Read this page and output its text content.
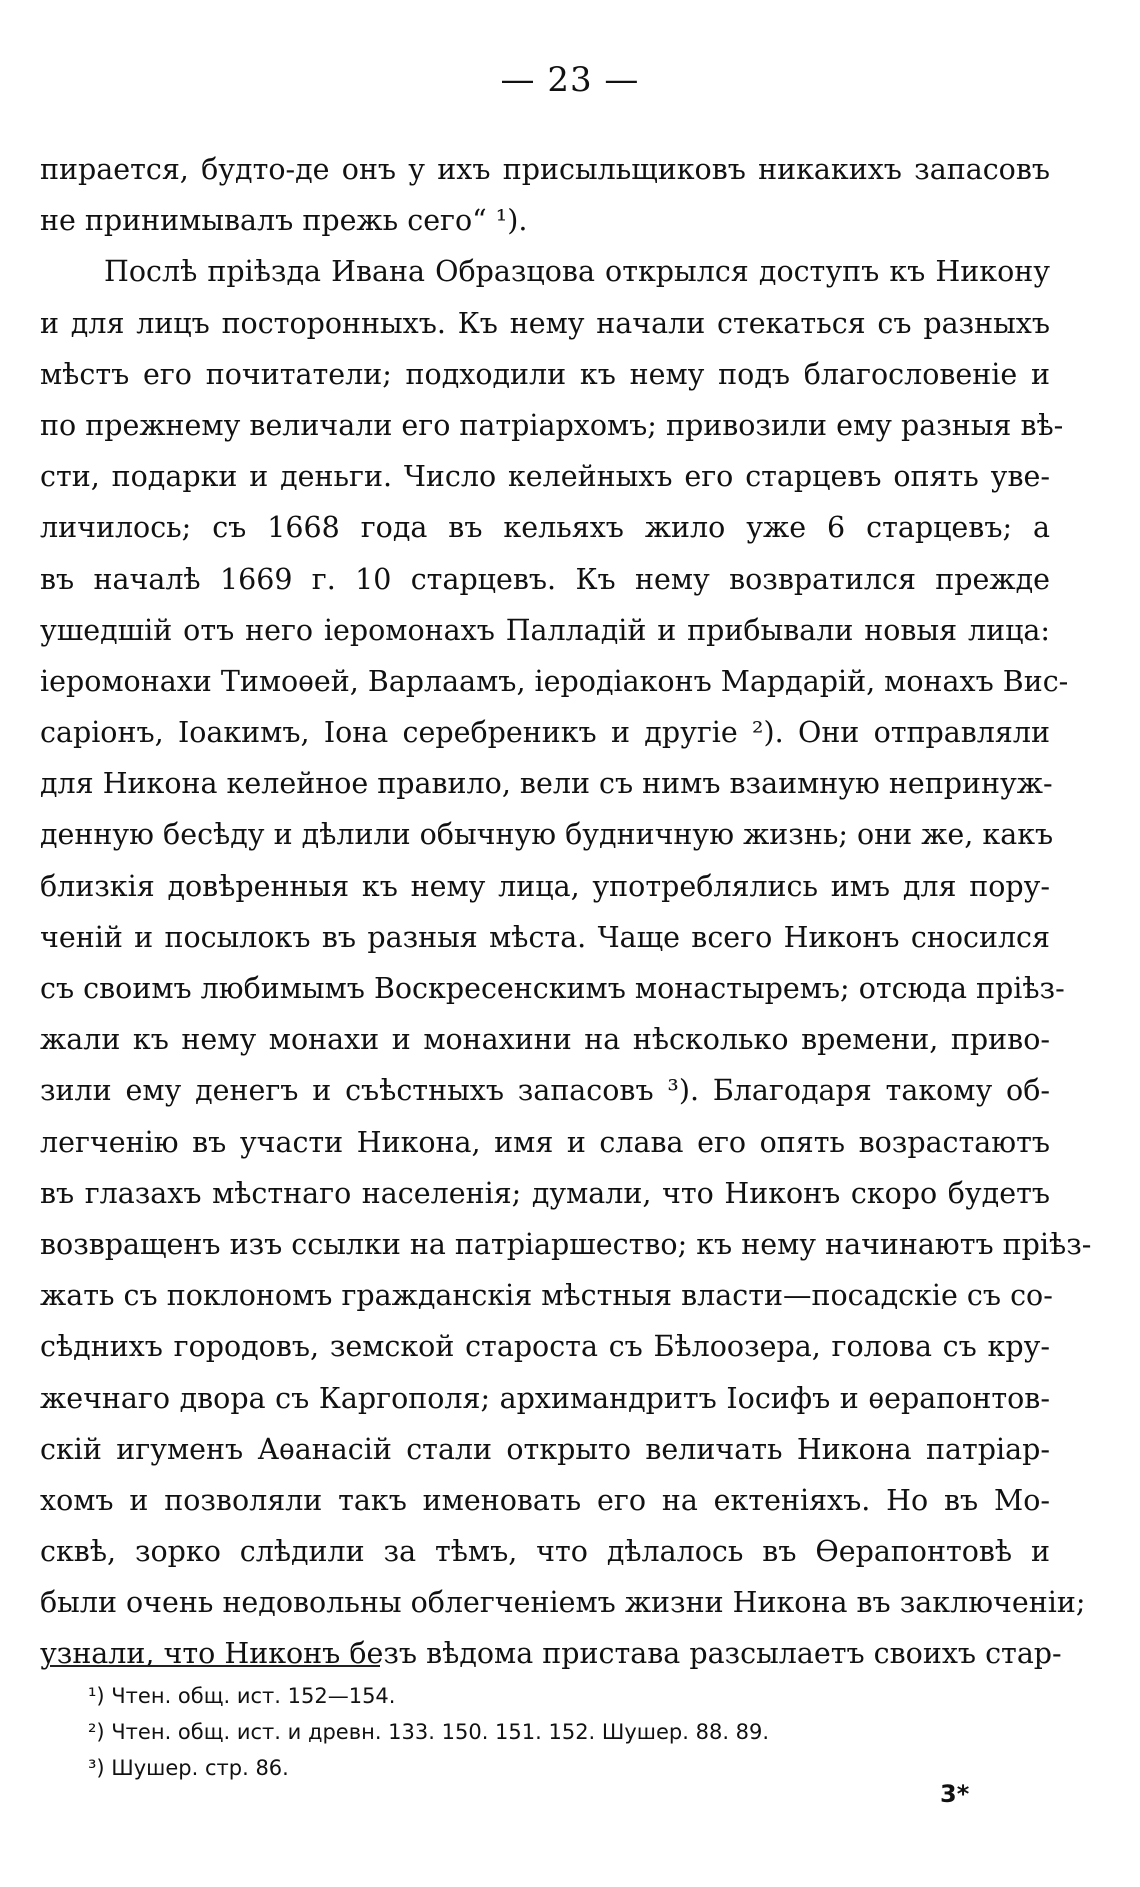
— 23 —
пирается, будто-де онъ у ихъ присыльщиковъ никакихъ запасовъ
не принимывалъ прежь сего“ ¹).
Послѣ пріѣзда Ивана Образцова открылся доступъ къ Никону
и для лицъ посторонныхъ. Къ нему начали стекаться съ разныхъ
мѣстъ его почитатели; подходили къ нему подъ благословеніе и
по прежнему величали его патріархомъ; привозили ему разныя вѣ-
сти, подарки и деньги. Число келейныхъ его старцевъ опять уве-
личилось; съ 1668 года въ кельяхъ жило уже 6 старцевъ; а
въ началѣ 1669 г. 10 старцевъ. Къ нему возвратился прежде
ушедшій отъ него іеромонахъ Палладій и прибывали новыя лица:
іеромонахи Тимоѳей, Варлаамъ, іеродіаконъ Мардарій, монахъ Вис-
саріонъ, Іоакимъ, Іона серебреникъ и другіе ²). Они отправляли
для Никона келейное правило, вели съ нимъ взаимную непринуж-
денную бесѣду и дѣлили обычную будничную жизнь; они же, какъ
близкія довѣренныя къ нему лица, употреблялись имъ для пору-
ченій и посылокъ въ разныя мѣста. Чаще всего Никонъ сносился
съ своимъ любимымъ Воскресенскимъ монастыремъ; отсюда пріѣз-
жали къ нему монахи и монахини на нѣсколько времени, приво-
зили ему денегъ и съѣстныхъ запасовъ ³). Благодаря такому об-
легченію въ участи Никона, имя и слава его опять возрастаютъ
въ глазахъ мѣстнаго населенія; думали, что Никонъ скоро будетъ
возвращенъ изъ ссылки на патріаршество; къ нему начинаютъ пріѣз-
жать съ поклономъ гражданскія мѣстныя власти—посадскіе съ со-
сѣднихъ городовъ, земской староста съ Бѣлоозера, голова съ кру-
жечнаго двора съ Каргополя; архимандритъ Іосифъ и ѳерапонтов-
скій игуменъ Аѳанасій стали открыто величать Никона патріар-
хомъ и позволяли такъ именовать его на ектеніяхъ. Но въ Мо-
сквѣ, зорко слѣдили за тѣмъ, что дѣлалось въ Ѳерапонтовѣ и
были очень недовольны облегченіемъ жизни Никона въ заключеніи;
узнали, что Никонъ безъ вѣдома пристава разсылаетъ своихъ стар-
¹) Чтен. общ. ист. 152—154.
²) Чтен. общ. ист. и древн. 133. 150. 151. 152. Шушер. 88. 89.
³) Шушер. стр. 86.
3*
